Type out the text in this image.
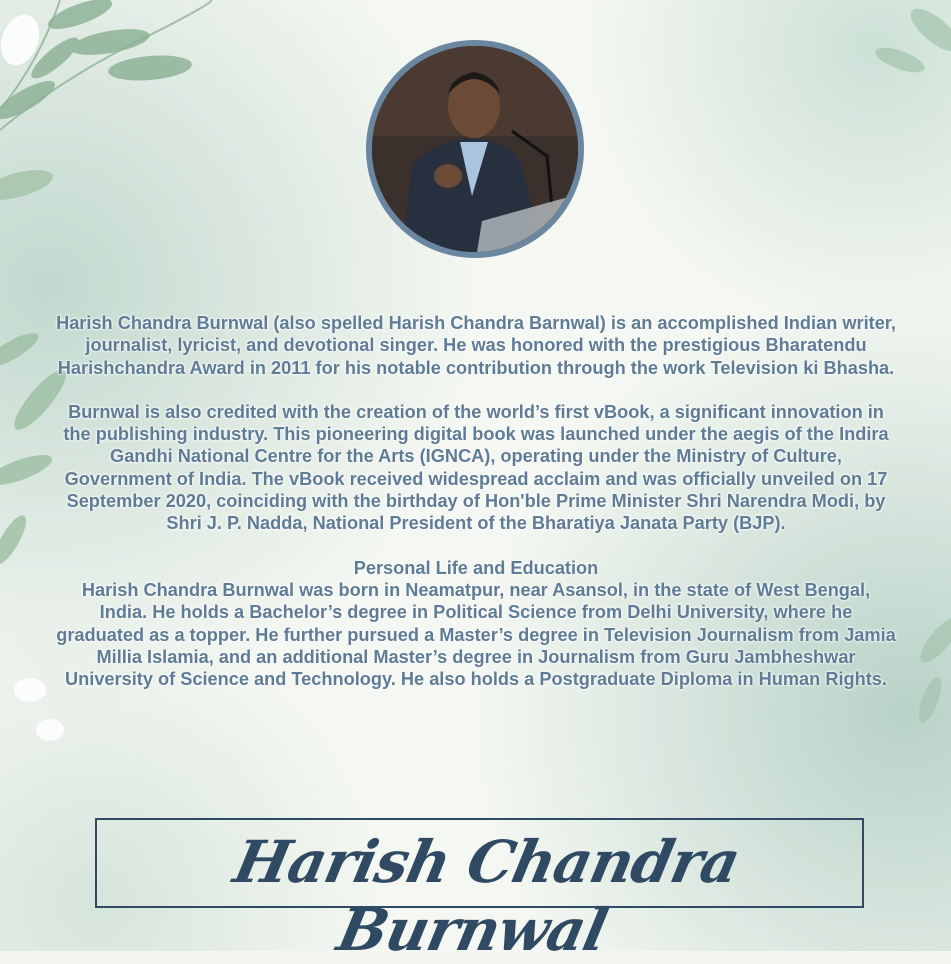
Harish Chandra Burnwal (also spelled Harish Chandra Barnwal) is an accomplished Indian writer, journalist, lyricist, and devotional singer. He was honored with the prestigious Bharatendu Harishchandra Award in 2011 for his notable contribution through the work Television ki Bhasha.

Burnwal is also credited with the creation of the world’s first vBook, a significant innovation in the publishing industry. This pioneering digital book was launched under the aegis of the Indira Gandhi National Centre for the Arts (IGNCA), operating under the Ministry of Culture, Government of India. The vBook received widespread acclaim and was officially unveiled on 17 September 2020, coinciding with the birthday of Hon'ble Prime Minister Shri Narendra Modi, by Shri J. P. Nadda, National President of the Bharatiya Janata Party (BJP).

Personal Life and Education

Harish Chandra Burnwal was born in Neamatpur, near Asansol, in the state of West Bengal, India. He holds a Bachelor’s degree in Political Science from Delhi University, where he graduated as a topper. He further pursued a Master’s degree in Television Journalism from Jamia Millia Islamia, and an additional Master’s degree in Journalism from Guru Jambheshwar University of Science and Technology. He also holds a Postgraduate Diploma in Human Rights.

Harish Chandra Burnwal
